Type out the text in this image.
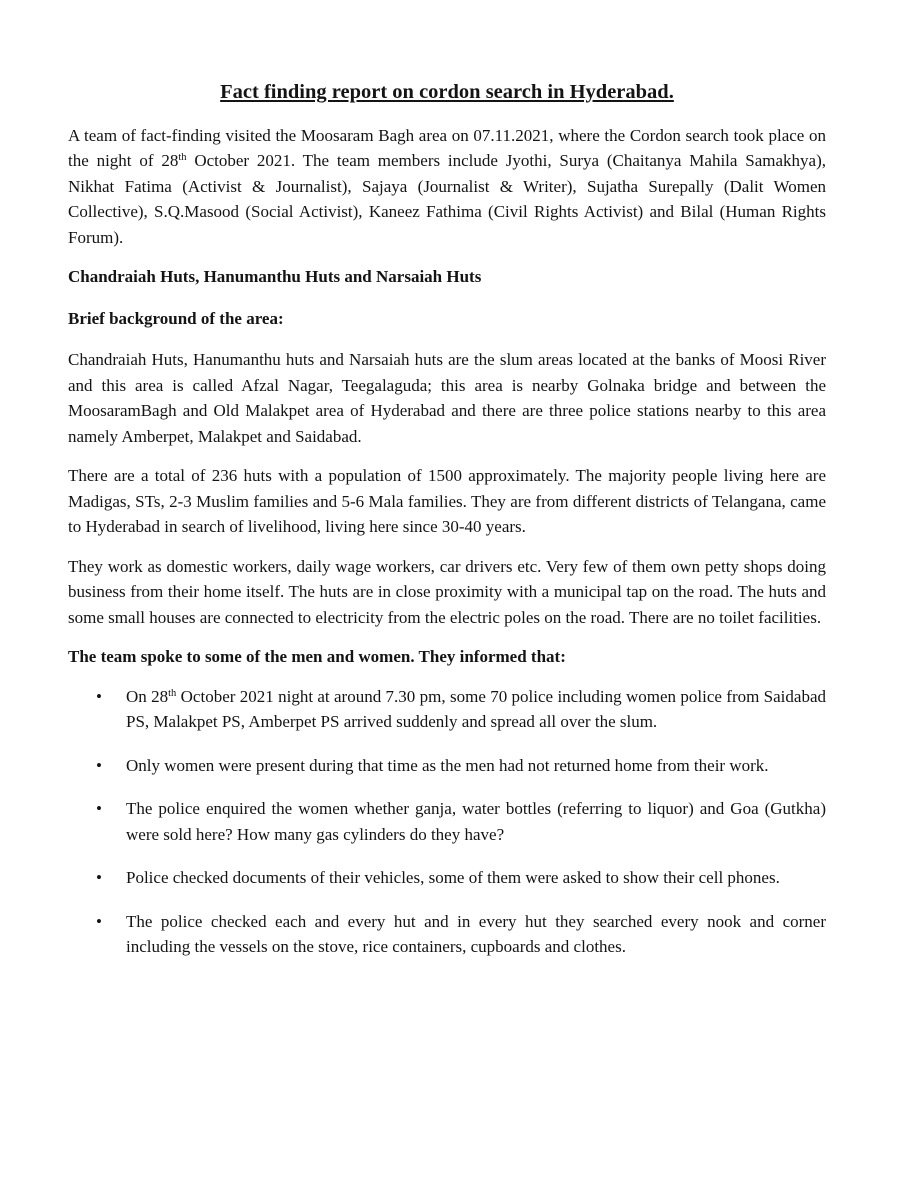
Fact finding report on cordon search in Hyderabad.

A team of fact-finding visited the Moosaram Bagh area on 07.11.2021, where the Cordon search took place on the night of 28th October 2021. The team members include Jyothi, Surya (Chaitanya Mahila Samakhya), Nikhat Fatima (Activist & Journalist), Sajaya (Journalist & Writer), Sujatha Surepally (Dalit Women Collective), S.Q.Masood (Social Activist), Kaneez Fathima (Civil Rights Activist) and Bilal (Human Rights Forum).

Chandraiah Huts, Hanumanthu Huts and Narsaiah Huts

Brief background of the area:

Chandraiah Huts, Hanumanthu huts and Narsaiah huts are the slum areas located at the banks of Moosi River and this area is called Afzal Nagar, Teegalaguda; this area is nearby Golnaka bridge and between the MoosaramBagh and Old Malakpet area of Hyderabad and there are three police stations nearby to this area namely Amberpet, Malakpet and Saidabad.

There are a total of 236 huts with a population of 1500 approximately. The majority people living here are Madigas, STs, 2-3 Muslim families and 5-6 Mala families. They are from different districts of Telangana, came to Hyderabad in search of livelihood, living here since 30-40 years.

They work as domestic workers, daily wage workers, car drivers etc. Very few of them own petty shops doing business from their home itself. The huts are in close proximity with a municipal tap on the road. The huts and some small houses are connected to electricity from the electric poles on the road. There are no toilet facilities.

The team spoke to some of the men and women. They informed that:

• On 28th October 2021 night at around 7.30 pm, some 70 police including women police from Saidabad PS, Malakpet PS, Amberpet PS arrived suddenly and spread all over the slum.
• Only women were present during that time as the men had not returned home from their work.
• The police enquired the women whether ganja, water bottles (referring to liquor) and Goa (Gutkha) were sold here? How many gas cylinders do they have?
• Police checked documents of their vehicles, some of them were asked to show their cell phones.
• The police checked each and every hut and in every hut they searched every nook and corner including the vessels on the stove, rice containers, cupboards and clothes.
